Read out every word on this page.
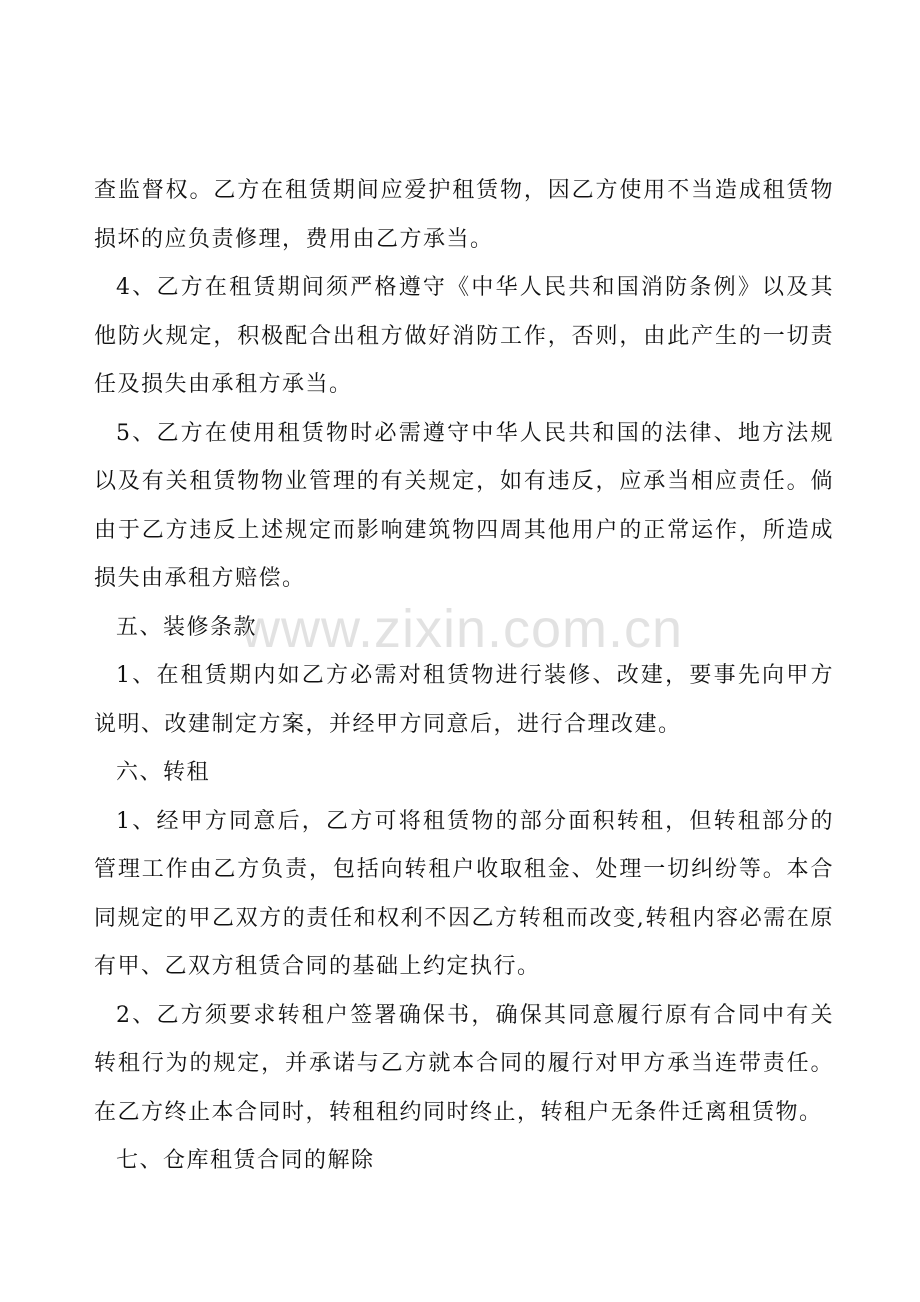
查监督权。乙方在租赁期间应爱护租赁物，因乙方使用不当造成租赁物损坏的应负责修理，费用由乙方承当。

4、乙方在租赁期间须严格遵守《中华人民共和国消防条例》以及其他防火规定，积极配合出租方做好消防工作，否则，由此产生的一切责任及损失由承租方承当。

5、乙方在使用租赁物时必需遵守中华人民共和国的法律、地方法规以及有关租赁物物业管理的有关规定，如有违反，应承当相应责任。倘由于乙方违反上述规定而影响建筑物四周其他用户的正常运作，所造成损失由承租方赔偿。

五、装修条款

1、在租赁期内如乙方必需对租赁物进行装修、改建，要事先向甲方说明、改建制定方案，并经甲方同意后，进行合理改建。

六、转租

1、经甲方同意后，乙方可将租赁物的部分面积转租，但转租部分的管理工作由乙方负责，包括向转租户收取租金、处理一切纠纷等。本合同规定的甲乙双方的责任和权利不因乙方转租而改变,转租内容必需在原有甲、乙双方租赁合同的基础上约定执行。

2、乙方须要求转租户签署确保书，确保其同意履行原有合同中有关转租行为的规定，并承诺与乙方就本合同的履行对甲方承当连带责任。在乙方终止本合同时，转租租约同时终止，转租户无条件迁离租赁物。

七、仓库租赁合同的解除

www.zixin.com.cn
